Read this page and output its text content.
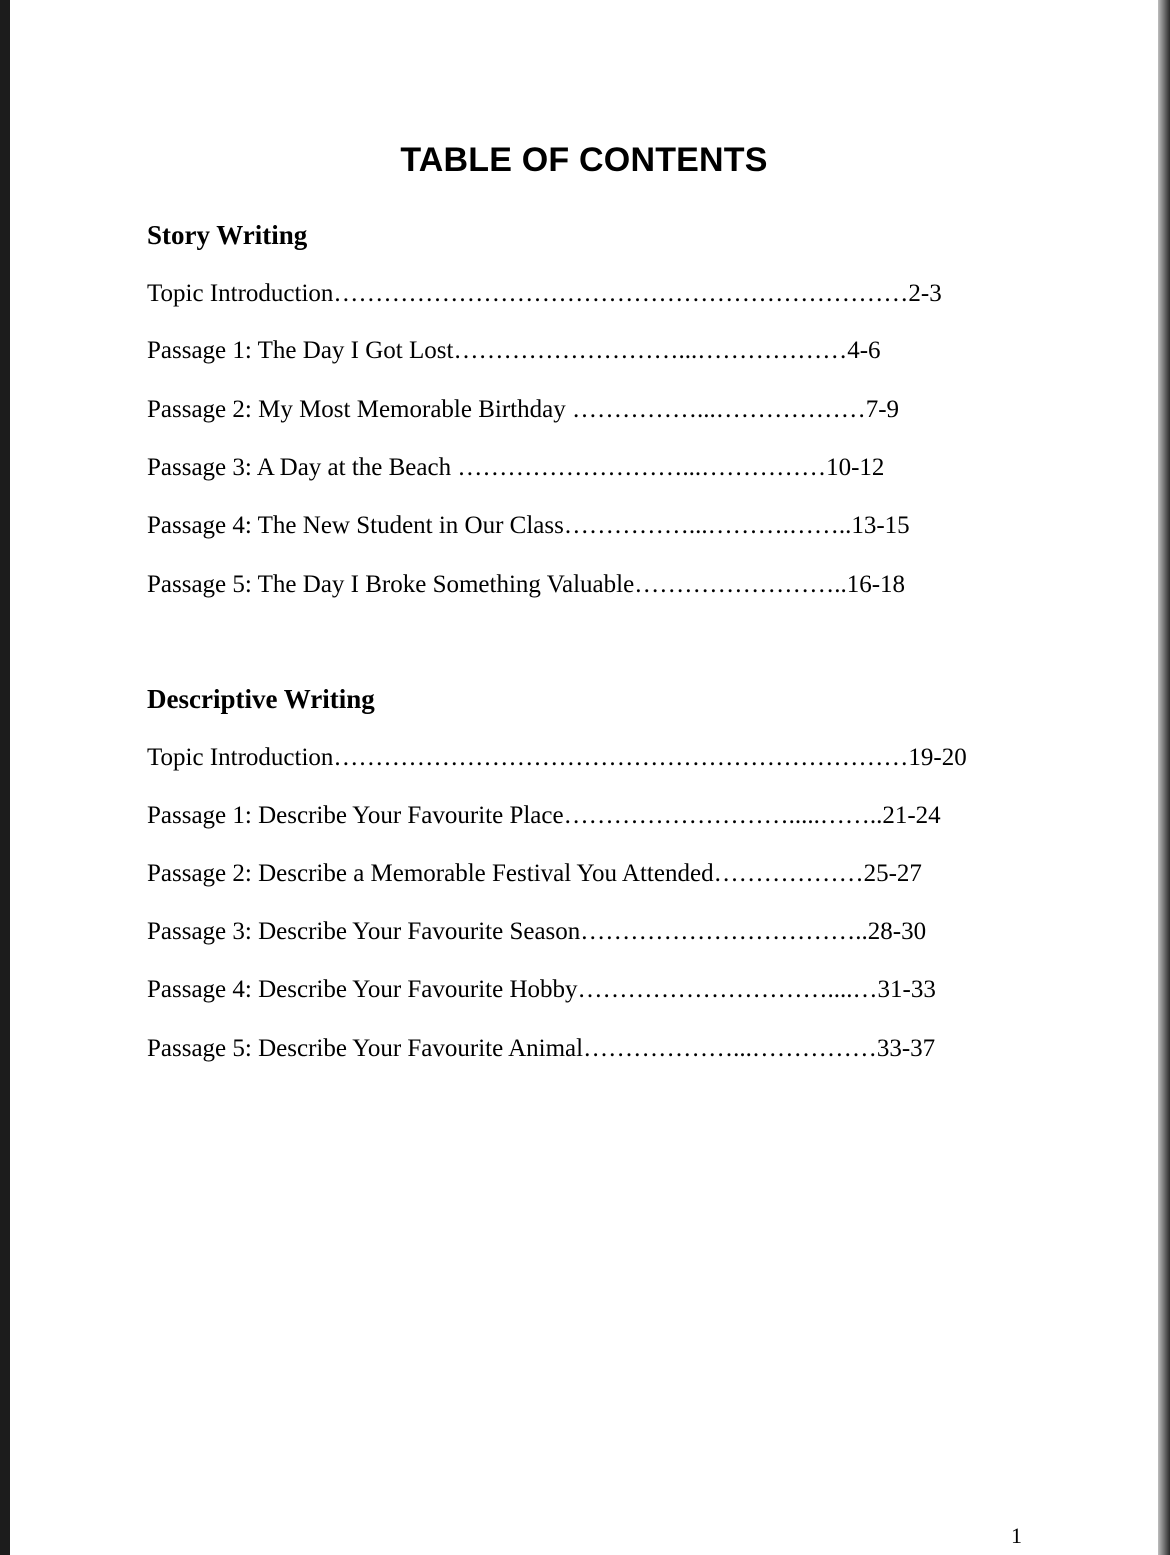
TABLE OF CONTENTS
Story Writing
Topic Introduction……………………………………………………………2-3
Passage 1: The Day I Got Lost………………………...………………4-6
Passage 2: My Most Memorable Birthday ……………...………………7-9
Passage 3: A Day at the Beach ………………………...……………10-12
Passage 4: The New Student in Our Class……………...……….……..13-15
Passage 5: The Day I Broke Something Valuable……………………..16-18
Descriptive Writing
Topic Introduction……………………………………………………………19-20
Passage 1: Describe Your Favourite Place……………………….....……..21-24
Passage 2: Describe a Memorable Festival You Attended………………25-27
Passage 3: Describe Your Favourite Season……………………………..28-30
Passage 4: Describe Your Favourite Hobby…………………………....…31-33
Passage 5: Describe Your Favourite Animal………………...……………33-37
1
